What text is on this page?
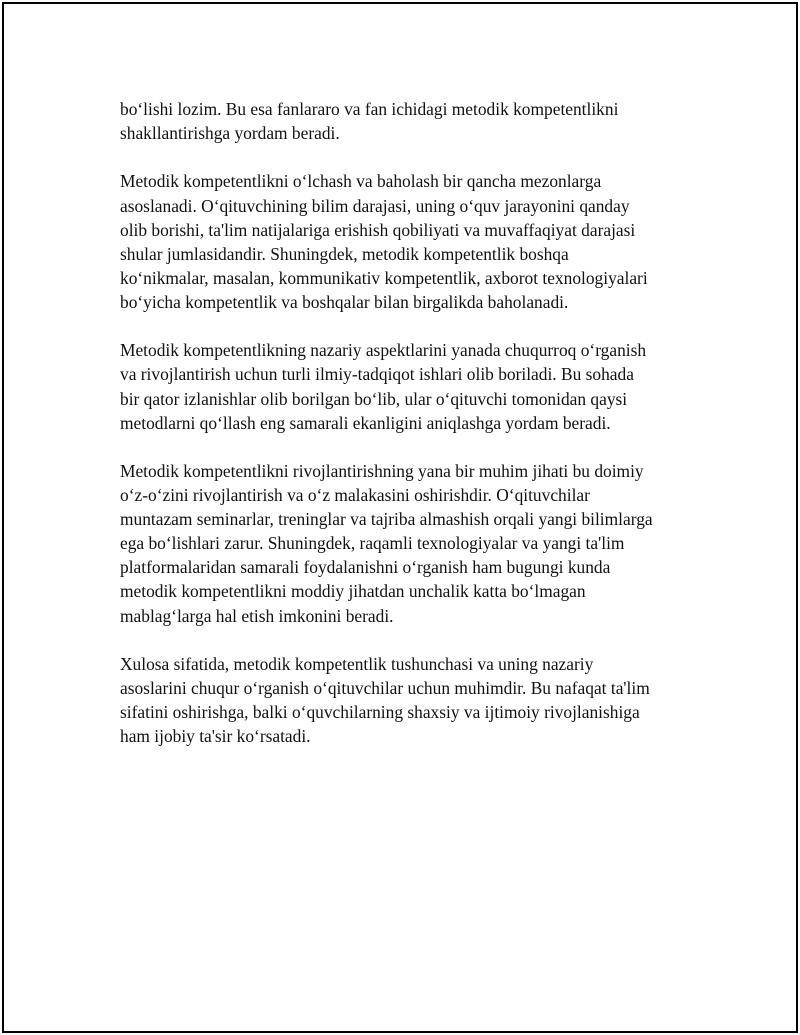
bo‘lishi lozim. Bu esa fanlararo va fan ichidagi metodik kompetentlikni
shakllantirishga yordam beradi.

Metodik kompetentlikni o‘lchash va baholash bir qancha mezonlarga
asoslanadi. O‘qituvchining bilim darajasi, uning o‘quv jarayonini qanday
olib borishi, ta'lim natijalariga erishish qobiliyati va muvaffaqiyat darajasi
shular jumlasidandir. Shuningdek, metodik kompetentlik boshqa
ko‘nikmalar, masalan, kommunikativ kompetentlik, axborot texnologiyalari
bo‘yicha kompetentlik va boshqalar bilan birgalikda baholanadi.

Metodik kompetentlikning nazariy aspektlarini yanada chuqurroq o‘rganish
va rivojlantirish uchun turli ilmiy-tadqiqot ishlari olib boriladi. Bu sohada
bir qator izlanishlar olib borilgan bo‘lib, ular o‘qituvchi tomonidan qaysi
metodlarni qo‘llash eng samarali ekanligini aniqlashga yordam beradi.

Metodik kompetentlikni rivojlantirishning yana bir muhim jihati bu doimiy
o‘z-o‘zini rivojlantirish va o‘z malakasini oshirishdir. O‘qituvchilar
muntazam seminarlar, treninglar va tajriba almashish orqali yangi bilimlarga
ega bo‘lishlari zarur. Shuningdek, raqamli texnologiyalar va yangi ta'lim
platformalaridan samarali foydalanishni o‘rganish ham bugungi kunda
metodik kompetentlikni moddiy jihatdan unchalik katta bo‘lmagan
mablag‘larga hal etish imkonini beradi.

Xulosa sifatida, metodik kompetentlik tushunchasi va uning nazariy
asoslarini chuqur o‘rganish o‘qituvchilar uchun muhimdir. Bu nafaqat ta'lim
sifatini oshirishga, balki o‘quvchilarning shaxsiy va ijtimoiy rivojlanishiga
ham ijobiy ta'sir ko‘rsatadi.
